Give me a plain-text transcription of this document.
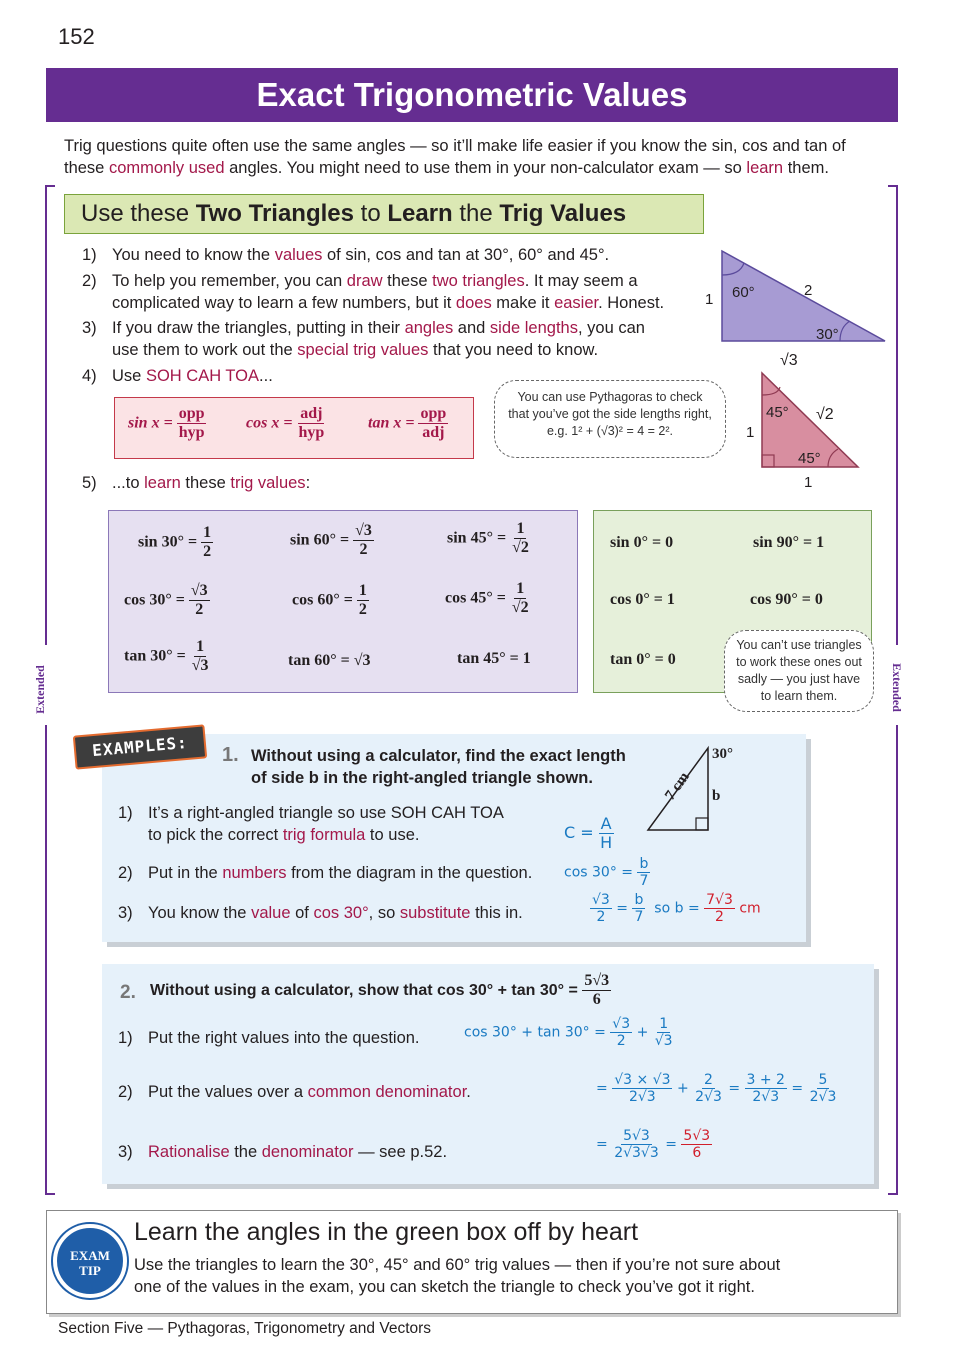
152
Exact Trigonometric Values
Trig questions quite often use the same angles — so it’ll make life easier if you know the sin, cos and tan of
these commonly used angles. You might need to use them in your non-calculator exam — so learn them.
Extended	Extended
Use these Two Triangles to Learn the Trig Values
1) You need to know the values of sin, cos and tan at 30°, 60° and 45°.
2) To help you remember, you can draw these two triangles. It may seem a
complicated way to learn a few numbers, but it does make it easier. Honest.
3) If you draw the triangles, putting in their angles and side lengths, you can
use them to work out the special trig values that you need to know.
4) Use SOH CAH TOA...
5) ...to learn these trig values:
$\sin x = \frac{\text{opp}}{\text{hyp}}$ $\cos x = \frac{\text{adj}}{\text{hyp}}$	$\tan x = \frac{\text{opp}}{\text{adj}}$
You can use Pythagoras to check
that you’ve got the side lengths right,
e.g. 1² + (√3)² = 4 = 2².
60°
30°
1
2
√3
45°
45°
1
√2
1
$\sin 30^\circ = \frac{1}{2}$	$\sin 60^\circ = \frac{√3}{2}$	$\sin 45^\circ = \frac{1}{√2}$
$\cos 30^\circ = \frac{√3}{2}$	$\cos 60^\circ = \frac{1}{2}$	$\cos 45^\circ = \frac{1}{√2}$
$\tan 30^\circ = \frac{1}{√3}$	tan 60° = √3	tan 45° = 1
sin 0° = 0	sin 90° = 1
cos 0° = 1	cos 90° = 0
tan 0° = 0
You can’t use triangles
to work these ones out
sadly — you just have
to learn them.
EXAMPLES:	1. Without using a calculator, find the exact length
of side b in the right-angled triangle shown.
30°
b
7 cm
1) It’s a right-angled triangle so use SOH CAH TOA
to pick the correct trig formula to use.
2) Put in the numbers from the diagram in the question.
3) You know the value of cos 30°, so substitute this in.
$C = \frac{A}{H}$
$\cos 30^\circ = \frac{b}{7}$
$\frac{√3}{2} = \frac{b}{7}$ so $b = \frac{7√3}{2}$ cm
2. Without using a calculator, show that $\cos 30^\circ + \tan 30^\circ = \frac{5√3}{6}$
1) Put the right values into the question.
2) Put the values over a common denominator.
3) Rationalise the denominator — see p.52.
$\cos 30^\circ + \tan 30^\circ = \frac{√3}{2} + \frac{1}{√3}$
= $\frac{√3 \times √3}{2√3} + \frac{2}{2√3} = \frac{3 + 2}{2√3} = \frac{5}{2√3}$
= $\frac{5√3}{2√3√3} = \frac{5√3}{6}$
EXAM
TIP
Learn the angles in the green box off by heart
Use the triangles to learn the 30°, 45° and 60° trig values — then if you’re not sure about
one of the values in the exam, you can sketch the triangle to check you’ve got it right.
Section Five — Pythagoras, Trigonometry and Vectors
